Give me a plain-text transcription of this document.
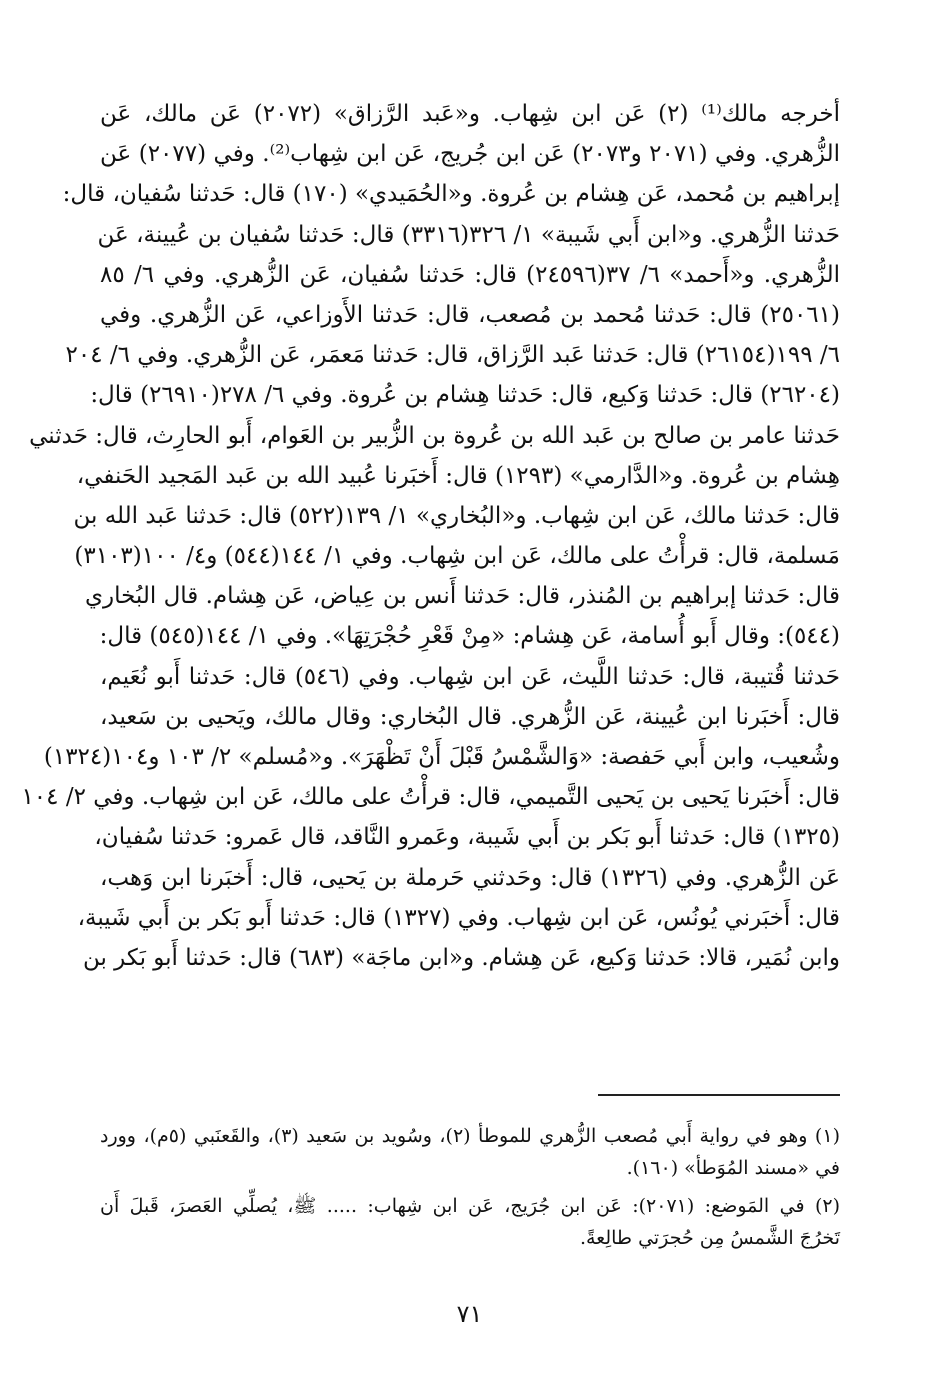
أخرجه مالك⁽¹⁾ (٢) عَن ابن شِهاب. و«عَبد الرَّزاق» (٢٠٧٢) عَن مالك، عَن
الزُّهري. وفي (٢٠٧١ و٢٠٧٣) عَن ابن جُريج، عَن ابن شِهاب⁽²⁾. وفي (٢٠٧٧) عَن
إبراهيم بن مُحمد، عَن هِشام بن عُروة. و«الحُمَيدي» (١٧٠) قال: حَدثنا سُفيان، قال:
حَدثنا الزُّهري. و«ابن أَبي شَيبة» ١/ ٣٢٦(٣٣١٦) قال: حَدثنا سُفيان بن عُيينة، عَن
الزُّهري. و«أَحمد» ٦/ ٣٧(٢٤٥٩٦) قال: حَدثنا سُفيان، عَن الزُّهري. وفي ٦/ ٨٥
(٢٥٠٦١) قال: حَدثنا مُحمد بن مُصعب، قال: حَدثنا الأَوزاعي، عَن الزُّهري. وفي
٦/ ١٩٩(٢٦١٥٤) قال: حَدثنا عَبد الرَّزاق، قال: حَدثنا مَعمَر، عَن الزُّهري. وفي ٦/ ٢٠٤
(٢٦٢٠٤) قال: حَدثنا وَكيع، قال: حَدثنا هِشام بن عُروة. وفي ٦/ ٢٧٨(٢٦٩١٠) قال:
حَدثنا عامر بن صالح بن عَبد الله بن عُروة بن الزُّبير بن العَوام، أَبو الحارِث، قال: حَدثني
هِشام بن عُروة. و«الدَّارمي» (١٢٩٣) قال: أَخبَرنا عُبيد الله بن عَبد المَجيد الحَنفي،
قال: حَدثنا مالك، عَن ابن شِهاب. و«البُخاري» ١/ ١٣٩(٥٢٢) قال: حَدثنا عَبد الله بن
مَسلمة، قال: قرأْتُ على مالك، عَن ابن شِهاب. وفي ١/ ١٤٤(٥٤٤) و٤/ ١٠٠(٣١٠٣)
قال: حَدثنا إبراهيم بن المُنذر، قال: حَدثنا أَنس بن عِياض، عَن هِشام. قال البُخاري
(٥٤٤): وقال أَبو أُسامة، عَن هِشام: «مِنْ قَعْرِ حُجْرَتِهَا». وفي ١/ ١٤٤(٥٤٥) قال:
حَدثنا قُتيبة، قال: حَدثنا اللَّيث، عَن ابن شِهاب. وفي (٥٤٦) قال: حَدثنا أَبو نُعَيم،
قال: أَخبَرنا ابن عُيينة، عَن الزُّهري. قال البُخاري: وقال مالك، ويَحيى بن سَعيد،
وشُعيب، وابن أَبي حَفصة: «وَالشَّمْسُ قَبْلَ أَنْ تَظْهَرَ». و«مُسلم» ٢/ ١٠٣ و١٠٤(١٣٢٤)
قال: أَخبَرنا يَحيى بن يَحيى التَّميمي، قال: قرأْتُ على مالك، عَن ابن شِهاب. وفي ٢/ ١٠٤
(١٣٢٥) قال: حَدثنا أَبو بَكر بن أَبي شَيبة، وعَمرو النَّاقد، قال عَمرو: حَدثنا سُفيان،
عَن الزُّهري. وفي (١٣٢٦) قال: وحَدثني حَرملة بن يَحيى، قال: أَخبَرنا ابن وَهب،
قال: أَخبَرني يُونُس، عَن ابن شِهاب. وفي (١٣٢٧) قال: حَدثنا أَبو بَكر بن أَبي شَيبة،
وابن نُمَير، قالا: حَدثنا وَكيع، عَن هِشام. و«ابن ماجَة» (٦٨٣) قال: حَدثنا أَبو بَكر بن
(١) وهو في رواية أَبي مُصعب الزُّهري للموطأ (٢)، وسُويد بن سَعيد (٣)، والقَعنَبي (٥م)، وورد
في «مسند المُوَطأ» (١٦٠).
(٢) في المَوضع: (٢٠٧١): عَن ابن جُرَيج، عَن ابن شِهاب: ..... ﷺ، يُصلِّي العَصرَ، قَبلَ أَن
تَخرُجَ الشَّمسُ مِن حُجرَتي طالِعةً.
٧١
